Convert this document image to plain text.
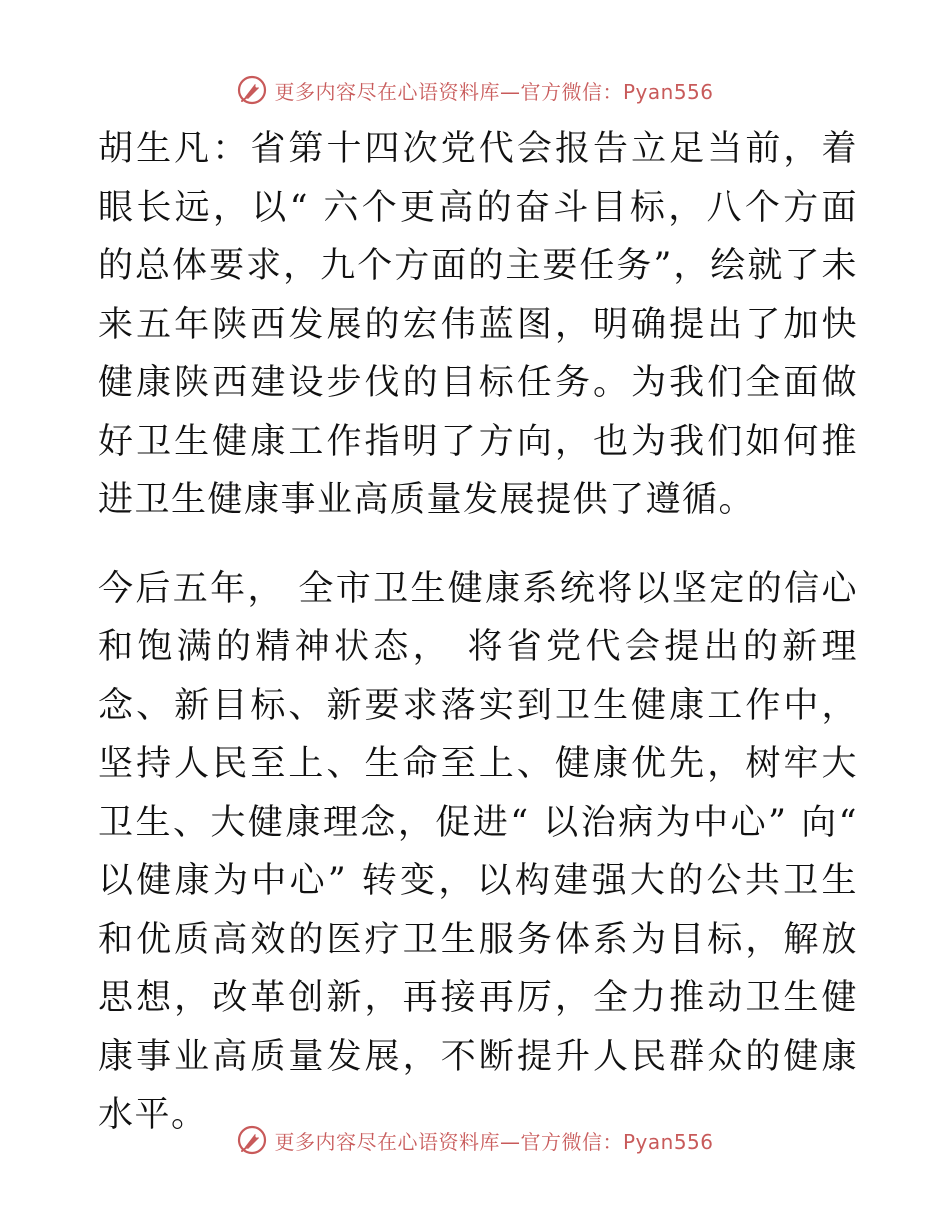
更多内容尽在心语资料库—官方微信：Pyan556

胡生凡：省第十四次党代会报告立足当前，着眼长远，以“ 六个更高的奋斗目标，八个方面的总体要求，九个方面的主要任务”，绘就了未来五年陕西发展的宏伟蓝图，明确提出了加快健康陕西建设步伐的目标任务。为我们全面做好卫生健康工作指明了方向，也为我们如何推进卫生健康事业高质量发展提供了遵循。

今后五年， 全市卫生健康系统将以坚定的信心和饱满的精神状态， 将省党代会提出的新理念、新目标、新要求落实到卫生健康工作中，坚持人民至上、生命至上、健康优先，树牢大卫生、大健康理念，促进“ 以治病为中心” 向“ 以健康为中心” 转变，以构建强大的公共卫生和优质高效的医疗卫生服务体系为目标，解放思想，改革创新，再接再厉，全力推动卫生健康事业高质量发展，不断提升人民群众的健康水平。

更多内容尽在心语资料库—官方微信：Pyan556
